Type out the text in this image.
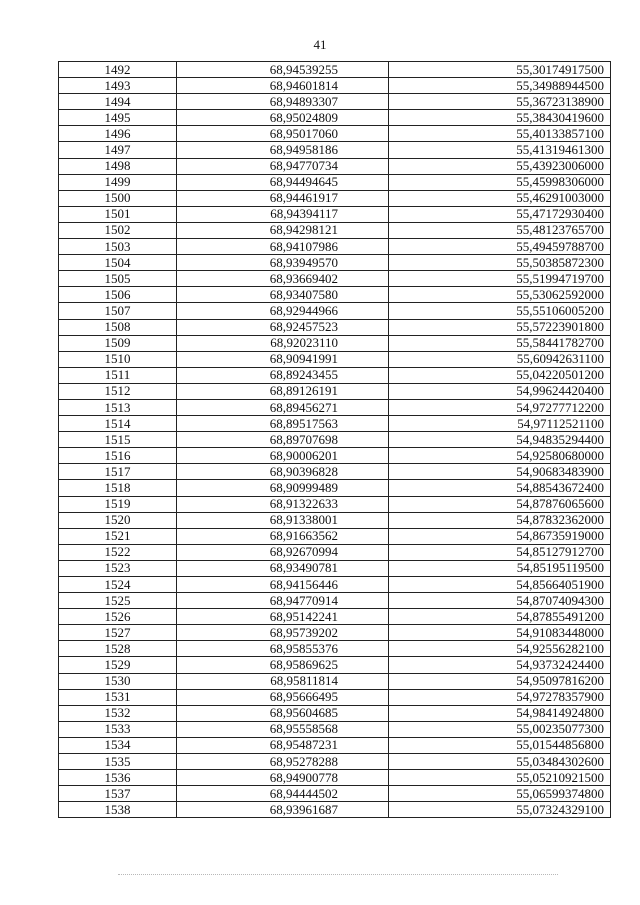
41
1492	68,94539255	55,30174917500
1493	68,94601814	55,34988944500
1494	68,94893307	55,36723138900
1495	68,95024809	55,38430419600
1496	68,95017060	55,40133857100
1497	68,94958186	55,41319461300
1498	68,94770734	55,43923006000
1499	68,94494645	55,45998306000
1500	68,94461917	55,46291003000
1501	68,94394117	55,47172930400
1502	68,94298121	55,48123765700
1503	68,94107986	55,49459788700
1504	68,93949570	55,50385872300
1505	68,93669402	55,51994719700
1506	68,93407580	55,53062592000
1507	68,92944966	55,55106005200
1508	68,92457523	55,57223901800
1509	68,92023110	55,58441782700
1510	68,90941991	55,60942631100
1511	68,89243455	55,04220501200
1512	68,89126191	54,99624420400
1513	68,89456271	54,97277712200
1514	68,89517563	54,97112521100
1515	68,89707698	54,94835294400
1516	68,90006201	54,92580680000
1517	68,90396828	54,90683483900
1518	68,90999489	54,88543672400
1519	68,91322633	54,87876065600
1520	68,91338001	54,87832362000
1521	68,91663562	54,86735919000
1522	68,92670994	54,85127912700
1523	68,93490781	54,85195119500
1524	68,94156446	54,85664051900
1525	68,94770914	54,87074094300
1526	68,95142241	54,87855491200
1527	68,95739202	54,91083448000
1528	68,95855376	54,92556282100
1529	68,95869625	54,93732424400
1530	68,95811814	54,95097816200
1531	68,95666495	54,97278357900
1532	68,95604685	54,98414924800
1533	68,95558568	55,00235077300
1534	68,95487231	55,01544856800
1535	68,95278288	55,03484302600
1536	68,94900778	55,05210921500
1537	68,94444502	55,06599374800
1538	68,93961687	55,07324329100
